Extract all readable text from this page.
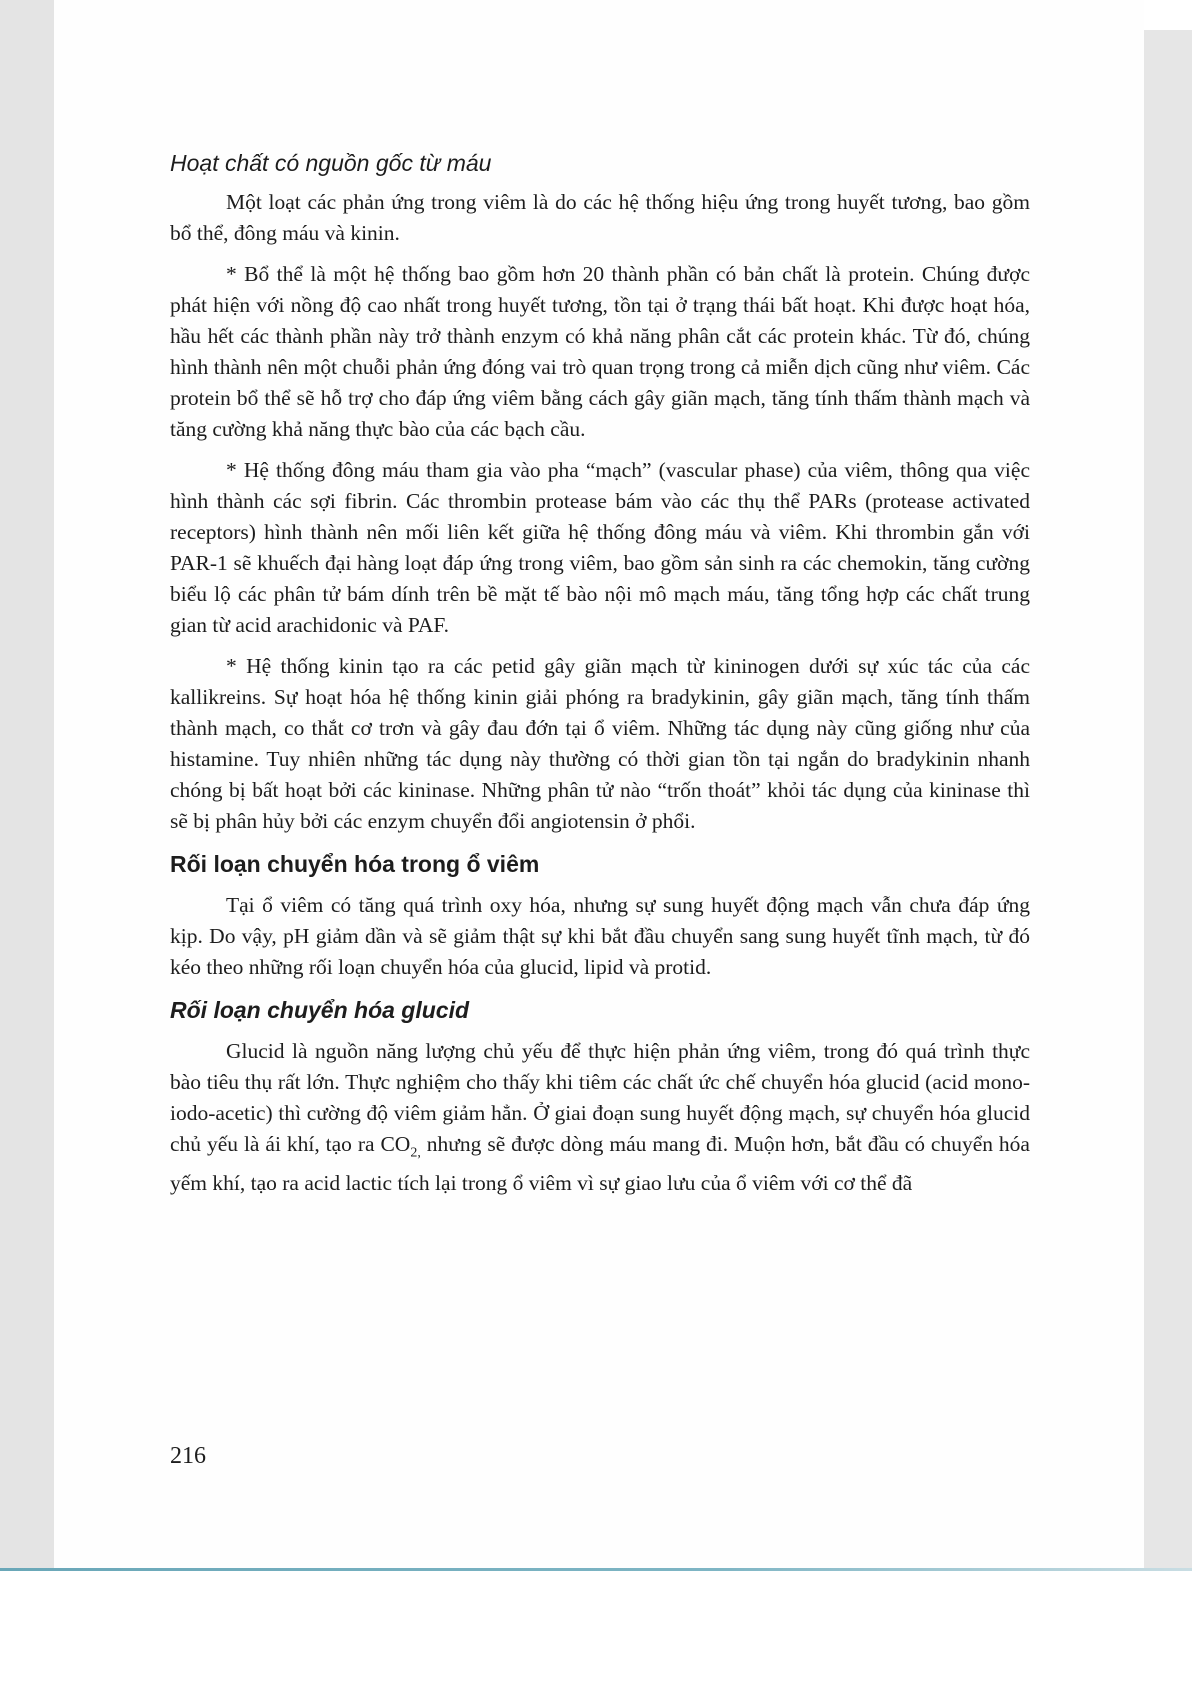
Hoạt chất có nguồn gốc từ máu

Một loạt các phản ứng trong viêm là do các hệ thống hiệu ứng trong huyết tương, bao gồm bổ thể, đông máu và kinin.

* Bổ thể là một hệ thống bao gồm hơn 20 thành phần có bản chất là protein. Chúng được phát hiện với nồng độ cao nhất trong huyết tương, tồn tại ở trạng thái bất hoạt. Khi được hoạt hóa, hầu hết các thành phần này trở thành enzym có khả năng phân cắt các protein khác. Từ đó, chúng hình thành nên một chuỗi phản ứng đóng vai trò quan trọng trong cả miễn dịch cũng như viêm. Các protein bổ thể sẽ hỗ trợ cho đáp ứng viêm bằng cách gây giãn mạch, tăng tính thấm thành mạch và tăng cường khả năng thực bào của các bạch cầu.

* Hệ thống đông máu tham gia vào pha “mạch” (vascular phase) của viêm, thông qua việc hình thành các sợi fibrin. Các thrombin protease bám vào các thụ thể PARs (protease activated receptors) hình thành nên mối liên kết giữa hệ thống đông máu và viêm. Khi thrombin gắn với PAR-1 sẽ khuếch đại hàng loạt đáp ứng trong viêm, bao gồm sản sinh ra các chemokin, tăng cường biểu lộ các phân tử bám dính trên bề mặt tế bào nội mô mạch máu, tăng tổng hợp các chất trung gian từ acid arachidonic và PAF.

* Hệ thống kinin tạo ra các petid gây giãn mạch từ kininogen dưới sự xúc tác của các kallikreins. Sự hoạt hóa hệ thống kinin giải phóng ra bradykinin, gây giãn mạch, tăng tính thấm thành mạch, co thắt cơ trơn và gây đau đớn tại ổ viêm. Những tác dụng này cũng giống như của histamine. Tuy nhiên những tác dụng này thường có thời gian tồn tại ngắn do bradykinin nhanh chóng bị bất hoạt bởi các kininase. Những phân tử nào “trốn thoát” khỏi tác dụng của kininase thì sẽ bị phân hủy bởi các enzym chuyển đổi angiotensin ở phổi.

Rối loạn chuyển hóa trong ổ viêm

Tại ổ viêm có tăng quá trình oxy hóa, nhưng sự sung huyết động mạch vẫn chưa đáp ứng kịp. Do vậy, pH giảm dần và sẽ giảm thật sự khi bắt đầu chuyển sang sung huyết tĩnh mạch, từ đó kéo theo những rối loạn chuyển hóa của glucid, lipid và protid.

Rối loạn chuyển hóa glucid

Glucid là nguồn năng lượng chủ yếu để thực hiện phản ứng viêm, trong đó quá trình thực bào tiêu thụ rất lớn. Thực nghiệm cho thấy khi tiêm các chất ức chế chuyển hóa glucid (acid mono-iodo-acetic) thì cường độ viêm giảm hẳn. Ở giai đoạn sung huyết động mạch, sự chuyển hóa glucid chủ yếu là ái khí, tạo ra $CO_{2,}$ nhưng sẽ được dòng máu mang đi. Muộn hơn, bắt đầu có chuyển hóa yếm khí, tạo ra acid lactic tích lại trong ổ viêm vì sự giao lưu của ổ viêm với cơ thể đã

216
